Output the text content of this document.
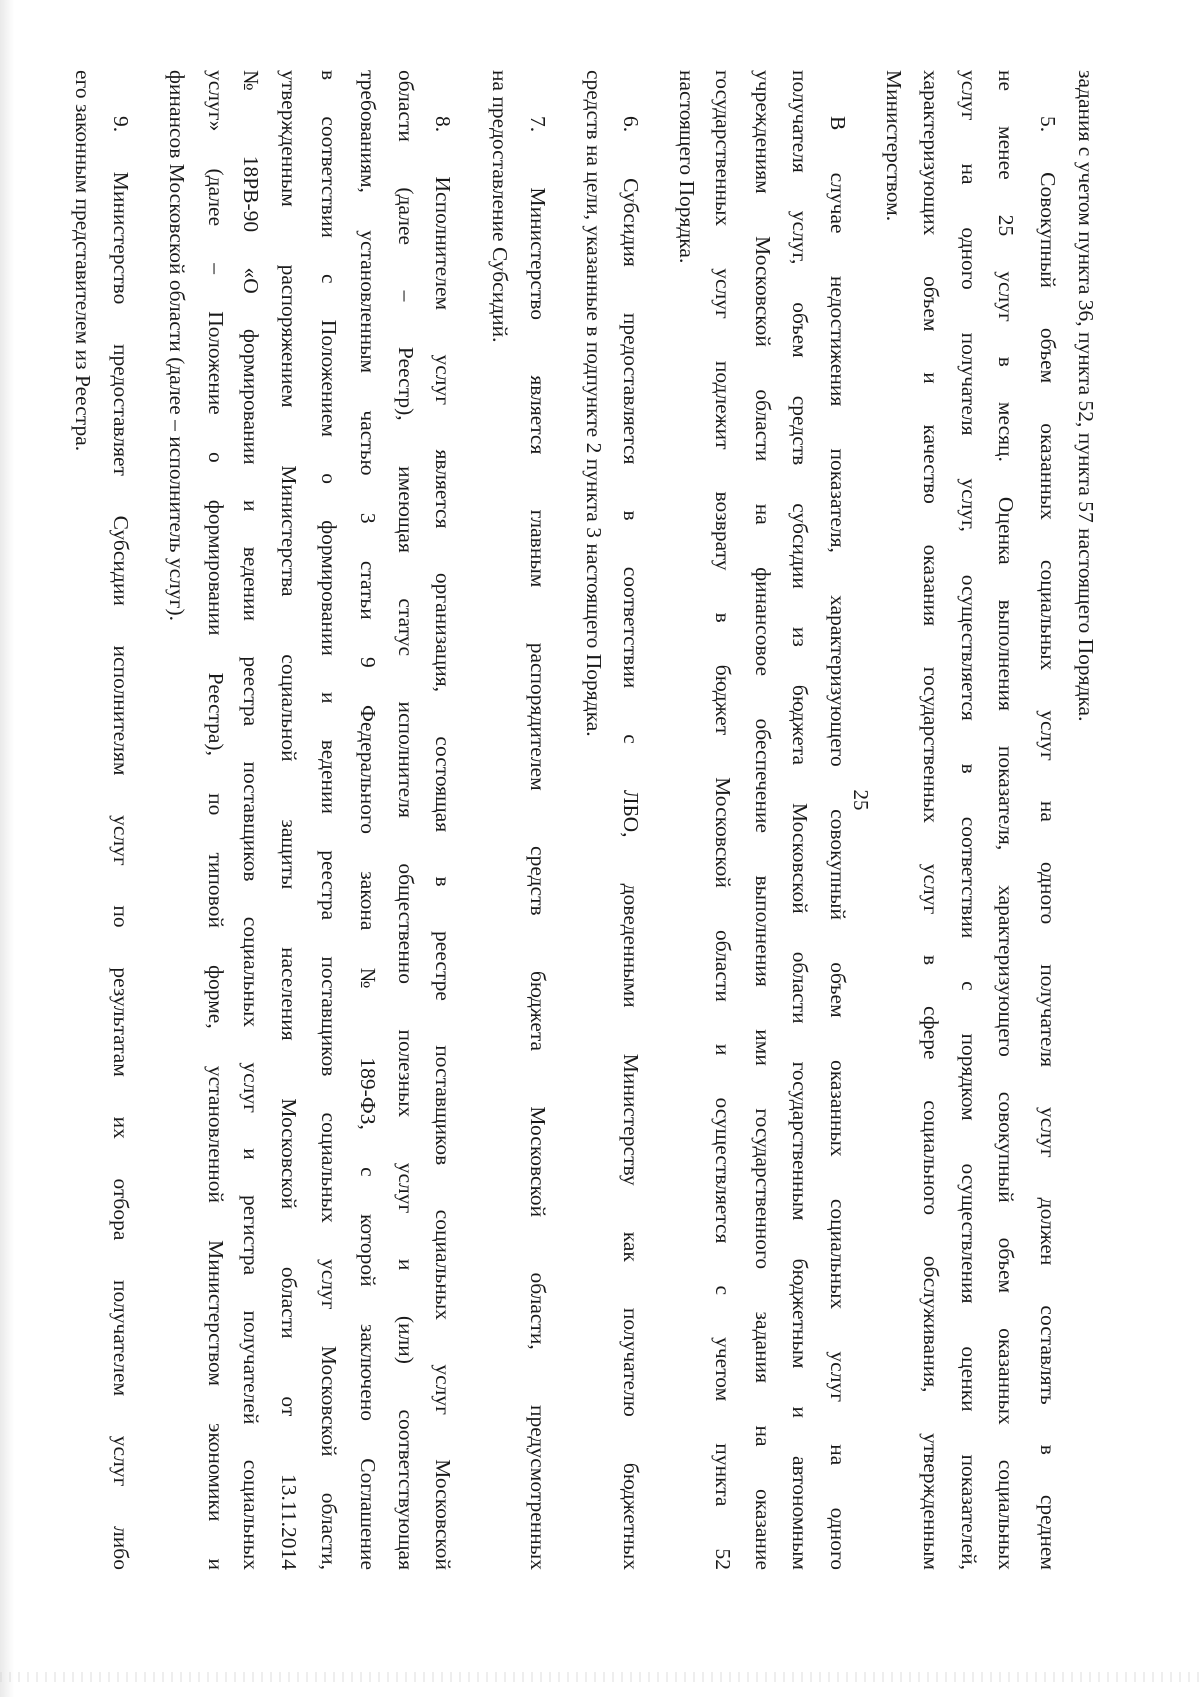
25
задания с учетом пункта 36, пункта 52, пункта 57 настоящего Порядка.
5. Совокупный объем оказанных социальных услуг на одного получателя услуг должен составлять в среднем
не менее 25 услуг в месяц. Оценка выполнения показателя, характеризующего совокупный объем оказанных социальных
услуг на одного получателя услуг, осуществляется в соответствии с порядком осуществления оценки показателей,
характеризующих объем и качество оказания государственных услуг в сфере социального обслуживания, утвержденным
Министерством.
В случае недостижения показателя, характеризующего совокупный объем оказанных социальных услуг на одного
получателя услуг, объем средств субсидии из бюджета Московской области государственным бюджетным и автономным
учреждениям Московской области на финансовое обеспечение выполнения ими государственного задания на оказание
государственных услуг подлежит возврату в бюджет Московской области и осуществляется с учетом пункта 52
настоящего Порядка.
6. Субсидия предоставляется в соответствии с ЛБО, доведенными Министерству как получателю бюджетных
средств на цели, указанные в подпункте 2 пункта 3 настоящего Порядка.
7. Министерство является главным распорядителем средств бюджета Московской области, предусмотренных
на предоставление Субсидий.
8. Исполнителем услуг является организация, состоящая в реестре поставщиков социальных услуг Московской
области (далее – Реестр), имеющая статус исполнителя общественно полезных услуг и (или) соответствующая
требованиям, установленным частью 3 статьи 9 Федерального закона № 189-ФЗ, с которой заключено Соглашение
в соответствии с Положением о формировании и ведении реестра поставщиков социальных услуг Московской области,
утвержденным распоряжением Министерства социальной защиты населения Московской области от 13.11.2014
№ 18РВ-90 «О формировании и ведении реестра поставщиков социальных услуг и регистра получателей социальных
услуг» (далее – Положение о формировании Реестра), по типовой форме, установленной Министерством экономики и
финансов Московской области (далее – исполнитель услуг).
9. Министерство предоставляет Субсидии исполнителям услуг по результатам их отбора получателем услуг либо
его законным представителем из Реестра.
